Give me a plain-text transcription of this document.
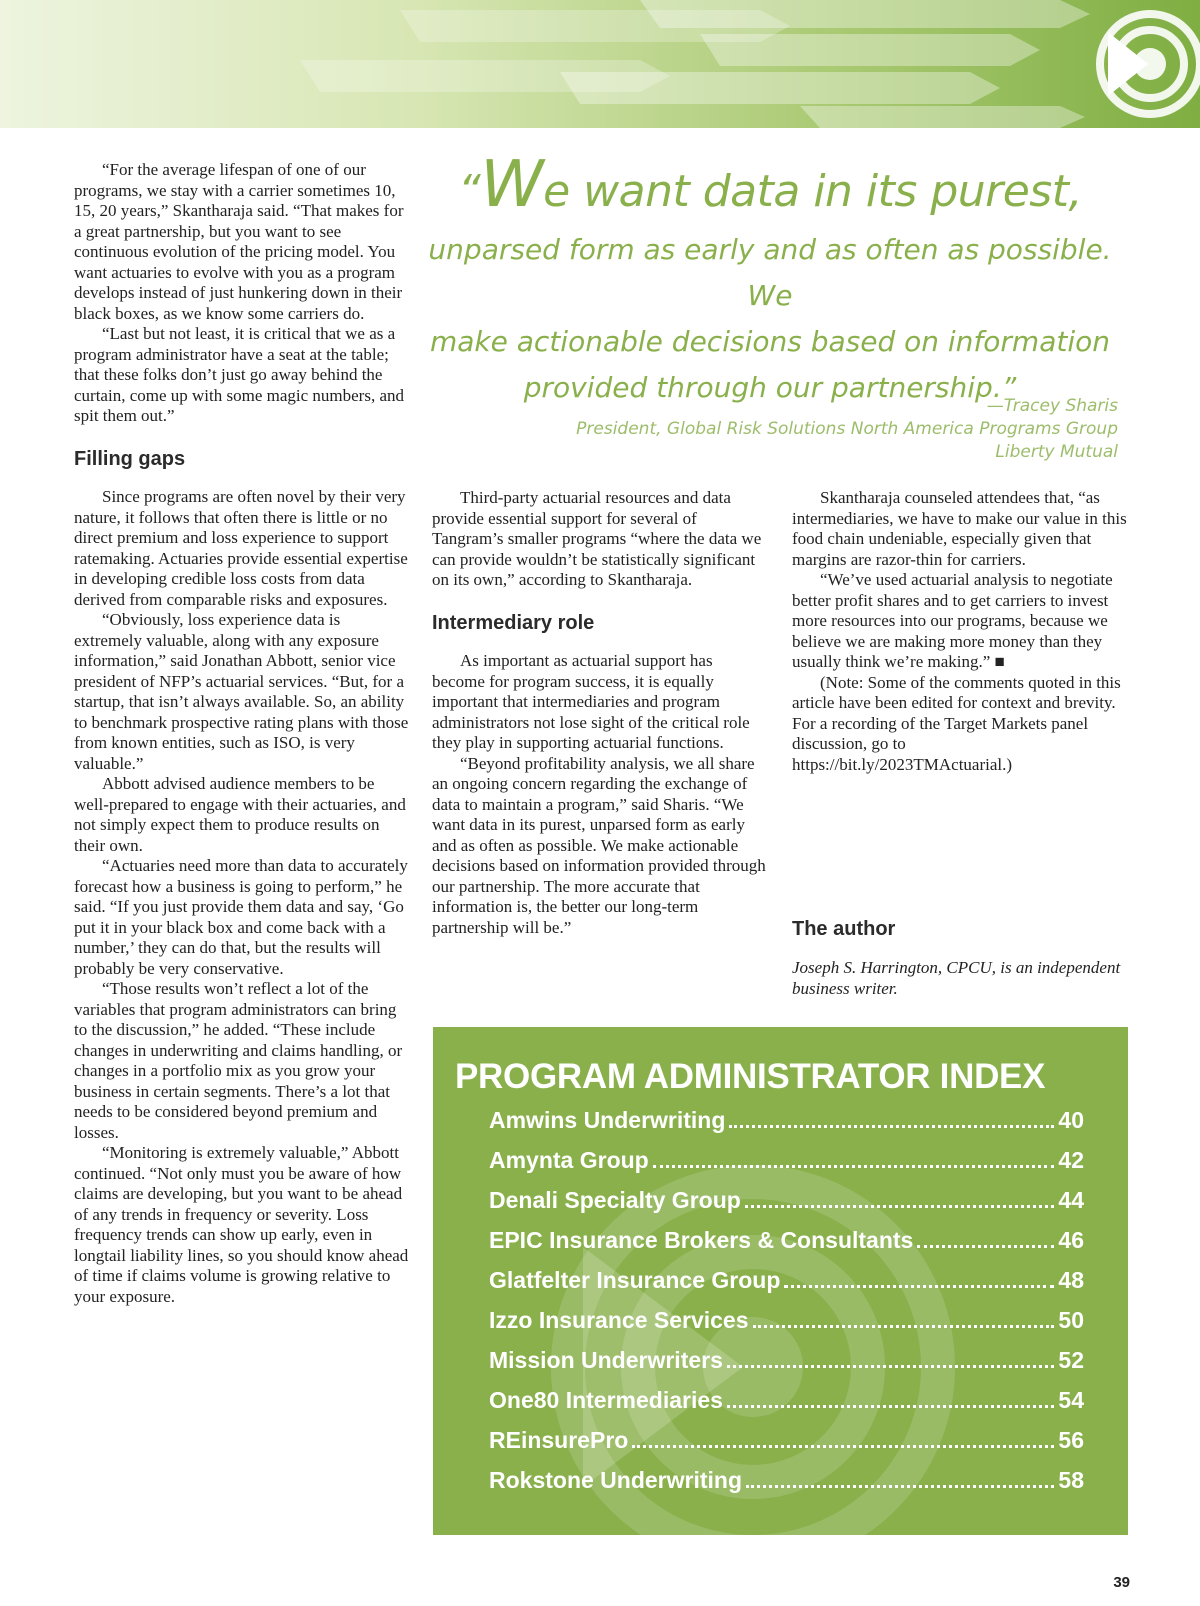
“For the average lifespan of one of our programs, we stay with a carrier sometimes 10, 15, 20 years,” Skantharaja said. “That makes for a great partnership, but you want to see continuous evolution of the pricing model. You want actuaries to evolve with you as a program develops instead of just hunkering down in their black boxes, as we know some carriers do.

“Last but not least, it is critical that we as a program administrator have a seat at the table; that these folks don’t just go away behind the curtain, come up with some magic numbers, and spit them out.”

Filling gaps

Since programs are often novel by their very nature, it follows that often there is little or no direct premium and loss experience to support ratemaking. Actuaries provide essential expertise in developing credible loss costs from data derived from comparable risks and exposures.

“Obviously, loss experience data is extremely valuable, along with any exposure information,” said Jonathan Abbott, senior vice president of NFP’s actuarial services. “But, for a startup, that isn’t always available. So, an ability to benchmark prospective rating plans with those from known entities, such as ISO, is very valuable.”

Abbott advised audience members to be well-prepared to engage with their actuaries, and not simply expect them to produce results on their own.

“Actuaries need more than data to accurately forecast how a business is going to perform,” he said. “If you just provide them data and say, ‘Go put it in your black box and come back with a number,’ they can do that, but the results will probably be very conservative.

“Those results won’t reflect a lot of the variables that program administrators can bring to the discussion,” he added. “These include changes in underwriting and claims handling, or changes in a portfolio mix as you grow your business in certain segments. There’s a lot that needs to be considered beyond premium and losses.

“Monitoring is extremely valuable,” Abbott continued. “Not only must you be aware of how claims are developing, but you want to be ahead of any trends in frequency or severity. Loss frequency trends can show up early, even in longtail liability lines, so you should know ahead of time if claims volume is growing relative to your exposure.

“We want data in its purest,
unparsed form as early and as often as possible. We
make actionable decisions based on information
provided through our partnership.”
—Tracey Sharis
President, Global Risk Solutions North America Programs Group
Liberty Mutual

Third-party actuarial resources and data provide essential support for several of Tangram’s smaller programs “where the data we can provide wouldn’t be statistically significant on its own,” according to Skantharaja.

Intermediary role

As important as actuarial support has become for program success, it is equally important that intermediaries and program administrators not lose sight of the critical role they play in supporting actuarial functions.

“Beyond profitability analysis, we all share an ongoing concern regarding the exchange of data to maintain a program,” said Sharis. “We want data in its purest, unparsed form as early and as often as possible. We make actionable decisions based on information provided through our partnership. The more accurate that information is, the better our long-term partnership will be.”

Skantharaja counseled attendees that, “as intermediaries, we have to make our value in this food chain undeniable, especially given that margins are razor-thin for carriers.

“We’ve used actuarial analysis to negotiate better profit shares and to get carriers to invest more resources into our programs, because we believe we are making more money than they usually think we’re making.” ■

(Note: Some of the comments quoted in this article have been edited for context and brevity. For a recording of the Target Markets panel discussion, go to https://bit.ly/2023TMActuarial.)

The author
Joseph S. Harrington, CPCU, is an independent business writer.
PROGRAM ADMINISTRATOR INDEX
Amwins Underwriting	40
Amynta Group	42
Denali Specialty Group	44
EPIC Insurance Brokers & Consultants	46
Glatfelter Insurance Group	48
Izzo Insurance Services	50
Mission Underwriters	52
One80 Intermediaries	54
REinsurePro	56
Rokstone Underwriting	58
39
